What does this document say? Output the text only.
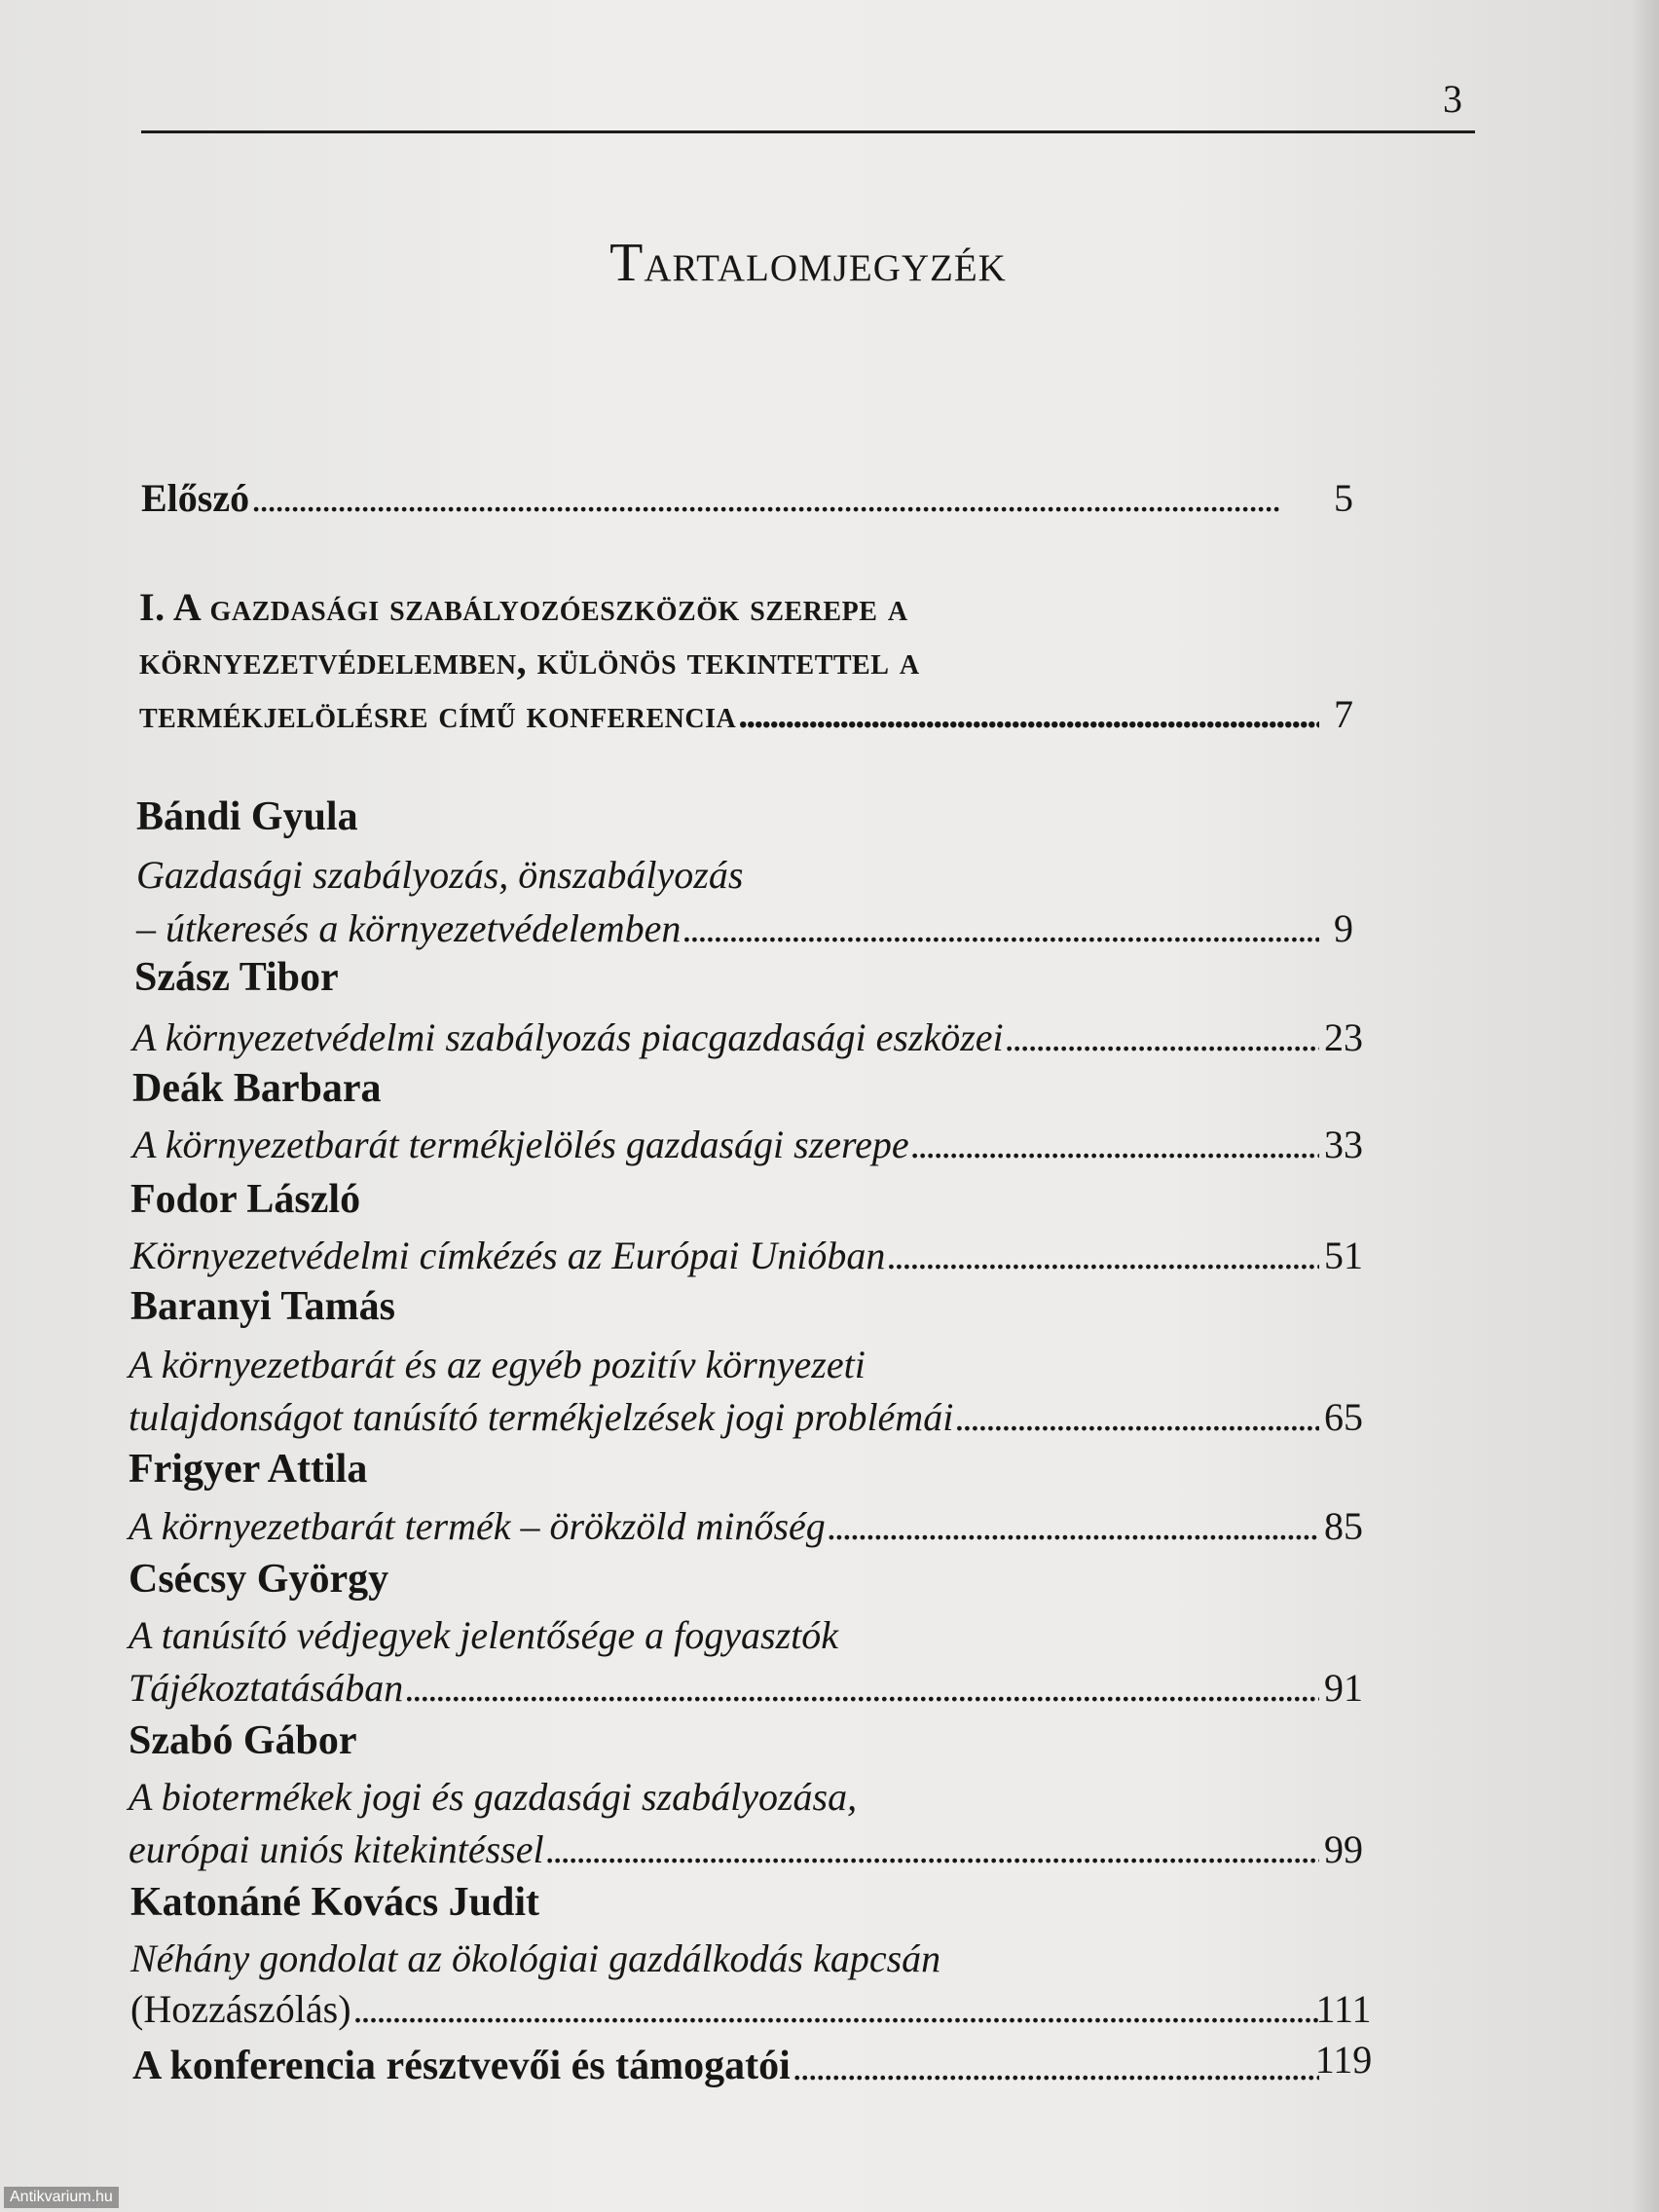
3
Tartalomjegyzék
Előszó . . .	5
I. A gazdasági szabályozóeszközök szerepe a
környezetvédelemben, különös tekintettel a
termékjelölésre című konferencia . . .	7
Bándi Gyula
Gazdasági szabályozás, önszabályozás
– útkeresés a környezetvédelemben . . .	9
Szász Tibor
A környezetvédelmi szabályozás piacgazdasági eszközei . . .	23
Deák Barbara
A környezetbarát termékjelölés gazdasági szerepe . . .	33
Fodor László
Környezetvédelmi címkézés az Európai Unióban . . .	51
Baranyi Tamás
A környezetbarát és az egyéb pozitív környezeti
tulajdonságot tanúsító termékjelzések jogi problémái . . .	65
Frigyer Attila
A környezetbarát termék – örökzöld minőség . . .	85
Csécsy György
A tanúsító védjegyek jelentősége a fogyasztók
Tájékoztatásában . . .	91
Szabó Gábor
A biotermékek jogi és gazdasági szabályozása,
európai uniós kitekintéssel . . .	99
Katonáné Kovács Judit
Néhány gondolat az ökológiai gazdálkodás kapcsán
(Hozzászólás) . . .	111
A konferencia résztvevői és támogatói . . .	119
Antikvarium.hu
